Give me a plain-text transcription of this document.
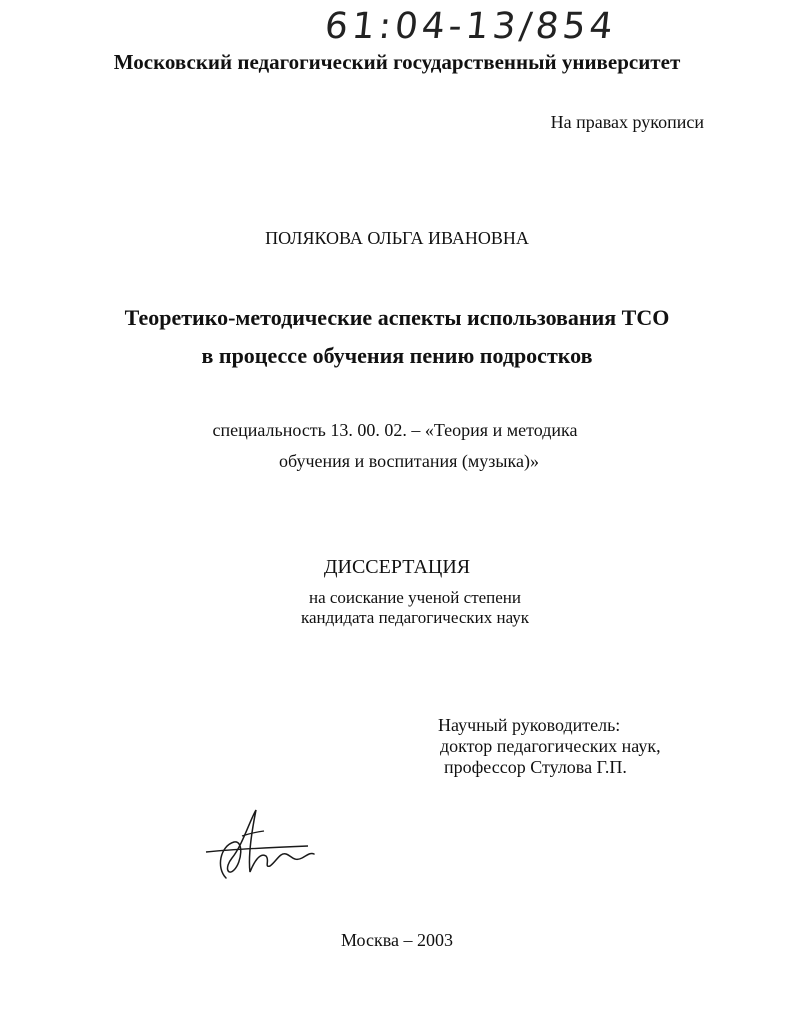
61:04-13/854
Московский педагогический государственный университет
На правах рукописи
ПОЛЯКОВА ОЛЬГА ИВАНОВНА
Теоретико-методические аспекты использования ТСО
в процессе обучения пению подростков
специальность 13. 00. 02. – «Теория и методика
обучения и воспитания (музыка)»
ДИССЕРТАЦИЯ
на соискание ученой степени
кандидата педагогических наук
Научный руководитель:
доктор педагогических наук,
профессор Стулова Г.П.
Москва – 2003
